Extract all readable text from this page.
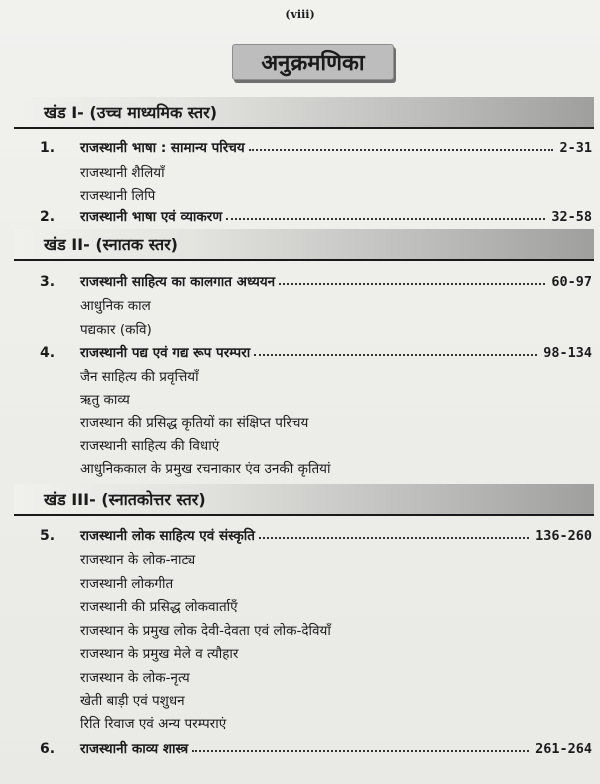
(viii)
अनुक्रमणिका
खंड I- (उच्च माध्यमिक स्तर)
1.	राजस्थानी भाषा : सामान्य परिचय	2-31
राजस्थानी शैलियाँ
राजस्थानी लिपि
2.	राजस्थानी भाषा एवं व्याकरण	32-58
खंड II- (स्नातक स्तर)
3.	राजस्थानी साहित्य का कालगात अध्ययन	60-97
आधुनिक काल
पद्यकार (कवि)
4.	राजस्थानी पद्य एवं गद्य रूप परम्परा	98-134
जैन साहित्य की प्रवृत्तियाँ
ऋतु काव्य
राजस्थान की प्रसिद्ध कृतियों का संक्षिप्त परिचय
राजस्थानी साहित्य की विधाएं
आधुनिककाल के प्रमुख रचनाकार एंव उनकी कृतियां
खंड III- (स्नातकोत्तर स्तर)
5.	राजस्थानी लोक साहित्य एवं संस्कृति	136-260
राजस्थान के लोक-नाट्य
राजस्थानी लोकगीत
राजस्थानी की प्रसिद्ध लोकवार्ताएँ
राजस्थान के प्रमुख लोक देवी-देवता एवं लोक-देवियाँ
राजस्थान के प्रमुख मेले व त्यौहार
राजस्थान के लोक-नृत्य
खेती बाड़ी एवं पशुधन
रिति रिवाज एवं अन्य परम्पराएं
6.	राजस्थानी काव्य शास्त्र	261-264
